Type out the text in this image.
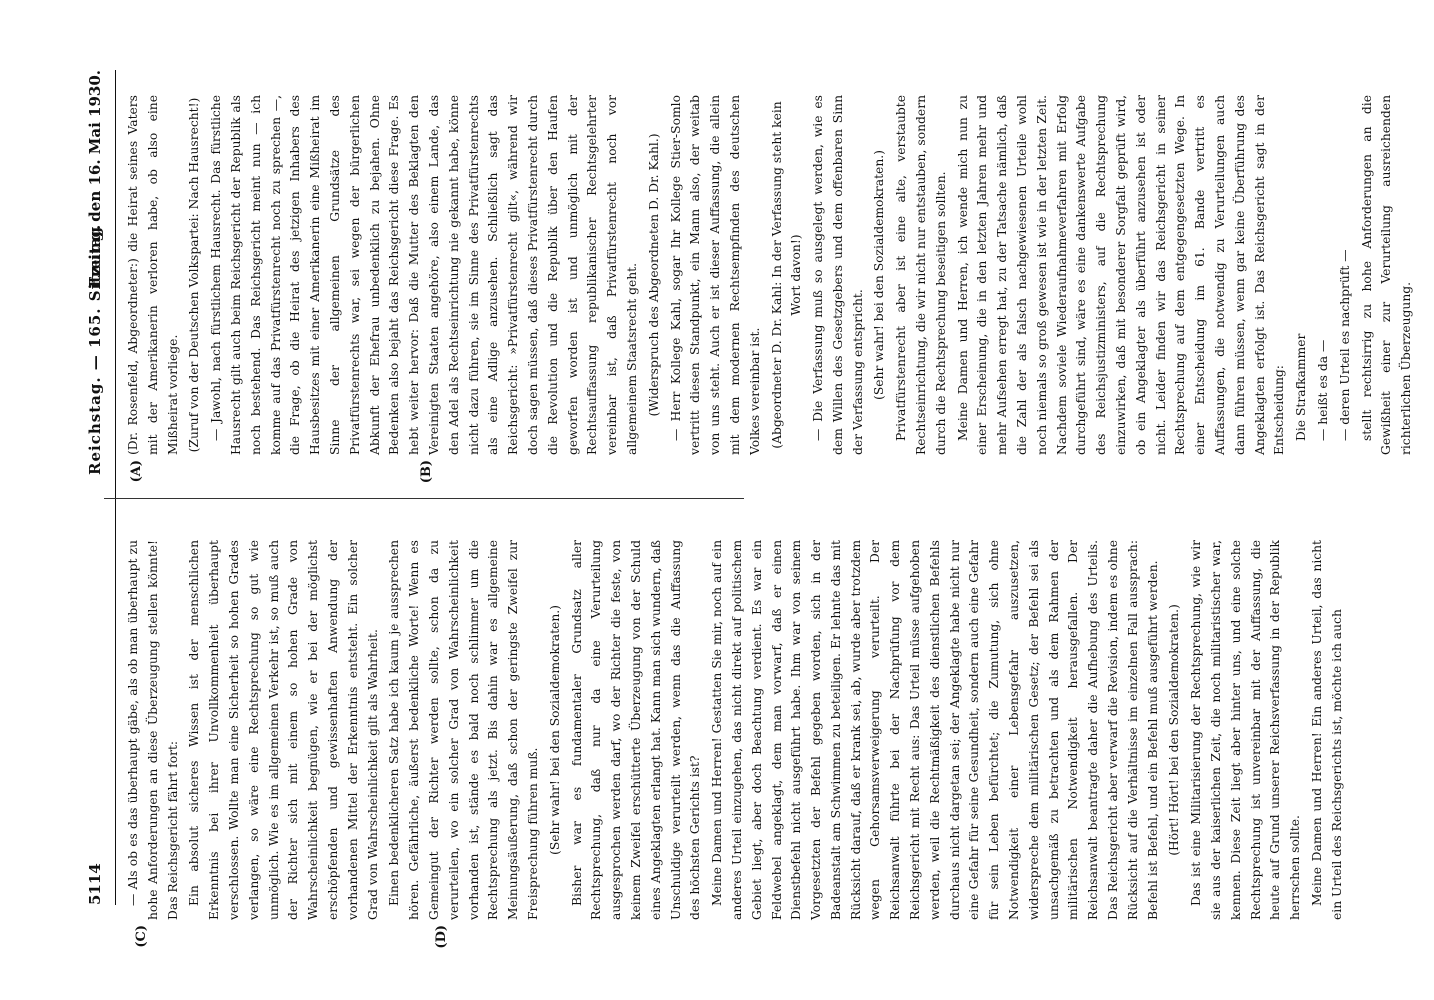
5114
Reichstag. — 165. Sitzung.
Freitag den 16. Mai 1930.
(A)	(B)
(C)	(D)

(Dr. Rosenfeld, Abgeordneter:) die Heirat seines Vaters mit der Amerikanerin verloren habe, ob also eine Mißheirat vorliege. (Zuruf von der Deutschen Volkspartei: Nach Hausrecht!) — Jawohl, nach fürstlichem Hausrecht. Das fürstliche Hausrecht gilt auch beim Reichsgericht der Republik als noch bestehend. Das Reichsgericht meint nun — ich komme auf das Privatfürstenrecht noch zu sprechen —, die Frage, ob die Heirat des jetzigen Inhabers des Hausbesitzes mit einer Amerikanerin eine Mißheirat im Sinne der allgemeinen Grundsätze des Privatfürstenrechts war, sei wegen der bürgerlichen Abkunft der Ehefrau unbedenklich zu bejahen. Ohne Bedenken also bejaht das Reichsgericht diese Frage. Es hebt weiter hervor: Daß die Mutter des Beklagten den Vereinigten Staaten angehöre, also einem Lande, das den Adel als Rechtseinrichtung nie gekannt habe, könne nicht dazu führen, sie im Sinne des Privatfürstenrechts als eine Adlige anzusehen. Schließlich sagt das Reichsgericht: »Privatfürstenrecht gilt«, während wir doch sagen müssen, daß dieses Privatfürstenrecht durch die Revolution und die Republik über den Haufen geworfen worden ist und unmöglich mit der Rechtsauffassung republikanischer Rechtsgelehrter vereinbar ist, daß Privatfürstenrecht noch vor allgemeinem Staatsrecht geht. (Widerspruch des Abgeordneten D. Dr. Kahl.) — Herr Kollege Kahl, sogar Ihr Kollege Stier-Somlo vertritt diesen Standpunkt, ein Mann also, der weitab von uns steht. Auch er ist dieser Auffassung, die allein mit dem modernen Rechtsempfinden des deutschen Volkes vereinbar ist. (Abgeordneter D. Dr. Kahl: In der Verfassung steht kein Wort davon!) — Die Verfassung muß so ausgelegt werden, wie es dem Willen des Gesetzgebers und dem offenbaren Sinn der Verfassung entspricht. (Sehr wahr! bei den Sozialdemokraten.) Privatfürstenrecht aber ist eine alte, verstaubte Rechtseinrichtung, die wir nicht nur entstauben, sondern durch die Rechtsprechung beseitigen sollten. Meine Damen und Herren, ich wende mich nun zu einer Erscheinung, die in den letzten Jahren mehr und mehr Aufsehen erregt hat, zu der Tatsache nämlich, daß die Zahl der als falsch nachgewiesenen Urteile wohl noch niemals so groß gewesen ist wie in der letzten Zeit. Nachdem soviele Wiederaufnahmeverfahren mit Erfolg durchgeführt sind, wäre es eine dankenswerte Aufgabe des Reichsjustizministers, auf die Rechtsprechung einzuwirken, daß mit besonderer Sorgfalt geprüft wird, ob ein Angeklagter als überführt anzusehen ist oder nicht. Leider finden wir das Reichsgericht in seiner Rechtsprechung auf dem entgegengesetzten Wege. In einer Entscheidung im 61. Bande vertritt es Auffassungen, die notwendig zu Verurteilungen auch dann führen müssen, wenn gar keine Überführung des Angeklagten erfolgt ist. Das Reichsgericht sagt in der Entscheidung: Die Strafkammer — heißt es da — — deren Urteil es nachprüft — stellt rechtsirrig zu hohe Anforderungen an die Gewißheit einer zur Verurteilung ausreichenden richterlichen Überzeugung.

— Als ob es das überhaupt gäbe, als ob man überhaupt zu hohe Anforderungen an diese Überzeugung stellen könnte! Das Reichsgericht fährt fort: Ein absolut sicheres Wissen ist der menschlichen Erkenntnis bei ihrer Unvollkommenheit überhaupt verschlossen. Wollte man eine Sicherheit so hohen Grades verlangen, so wäre eine Rechtsprechung so gut wie unmöglich. Wie es im allgemeinen Verkehr ist, so muß auch der Richter sich mit einem so hohen Grade von Wahrscheinlichkeit begnügen, wie er bei der möglichst erschöpfenden und gewissenhaften Anwendung der vorhandenen Mittel der Erkenntnis entsteht. Ein solcher Grad von Wahrscheinlichkeit gilt als Wahrheit. Einen bedenklicheren Satz habe ich kaum je aussprechen hören. Gefährliche, äußerst bedenkliche Worte! Wenn es Gemeingut der Richter werden sollte, schon da zu verurteilen, wo ein solcher Grad von Wahrscheinlichkeit vorhanden ist, stände es bald noch schlimmer um die Rechtsprechung als jetzt. Bis dahin war es allgemeine Meinungsäußerung, daß schon der geringste Zweifel zur Freisprechung führen muß. (Sehr wahr! bei den Sozialdemokraten.) Bisher war es fundamentaler Grundsatz aller Rechtsprechung, daß nur da eine Verurteilung ausgesprochen werden darf, wo der Richter die feste, von keinem Zweifel erschütterte Überzeugung von der Schuld eines Angeklagten erlangt hat. Kann man sich wundern, daß Unschuldige verurteilt werden, wenn das die Auffassung des höchsten Gerichts ist? Meine Damen und Herren! Gestatten Sie mir, noch auf ein anderes Urteil einzugehen, das nicht direkt auf politischem Gebiet liegt, aber doch Beachtung verdient. Es war ein Feldwebel angeklagt, dem man vorwarf, daß er einen Dienstbefehl nicht ausgeführt habe. Ihm war von seinem Vorgesetzten der Befehl gegeben worden, sich in der Badeanstalt am Schwimmen zu beteiligen. Er lehnte das mit Rücksicht darauf, daß er krank sei, ab, wurde aber trotzdem wegen Gehorsamsverweigerung verurteilt. Der Reichsanwalt führte bei der Nachprüfung vor dem Reichsgericht mit Recht aus: Das Urteil müsse aufgehoben werden, weil die Rechtmäßigkeit des dienstlichen Befehls durchaus nicht dargetan sei; der Angeklagte habe nicht nur eine Gefahr für seine Gesundheit, sondern auch eine Gefahr für sein Leben befürchtet; die Zumutung, sich ohne Notwendigkeit einer Lebensgefahr auszusetzen, widerspreche dem militärischen Gesetz; der Befehl sei als unsachgemäß zu betrachten und als dem Rahmen der militärischen Notwendigkeit herausgefallen. Der Reichsanwalt beantragte daher die Aufhebung des Urteils. Das Reichsgericht aber verwarf die Revision, indem es ohne Rücksicht auf die Verhältnisse im einzelnen Fall aussprach: Befehl ist Befehl, und ein Befehl muß ausgeführt werden. (Hört! Hört! bei den Sozialdemokraten.) Das ist eine Militarisierung der Rechtsprechung, wie wir sie aus der kaiserlichen Zeit, die noch militaristischer war, kennen. Diese Zeit liegt aber hinter uns, und eine solche Rechtsprechung ist unvereinbar mit der Auffassung, die heute auf Grund unserer Reichsverfassung in der Republik herrschen sollte. Meine Damen und Herren! Ein anderes Urteil, das nicht ein Urteil des Reichsgerichts ist, möchte ich auch
